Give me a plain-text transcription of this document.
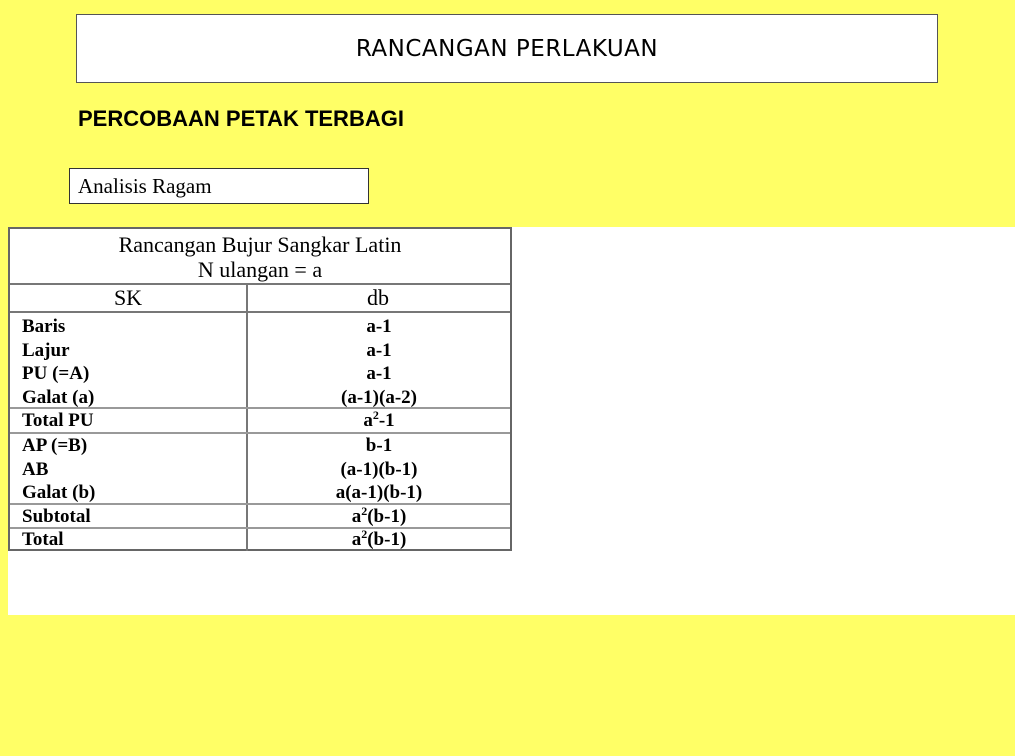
RANCANGAN PERLAKUAN
PERCOBAAN PETAK TERBAGI
Analisis Ragam
Rancangan Bujur Sangkar Latin
N ulangan = a
SK	db
Baris	a-1
Lajur	a-1
PU (=A)	a-1
Galat (a)	(a-1)(a-2)
Total PU	$a^2-1$
AP (=B)	b-1
AB	(a-1)(b-1)
Galat (b)	a(a-1)(b-1)
Subtotal	$a^2(b-1)$
Total	$a^2(b-1)$
